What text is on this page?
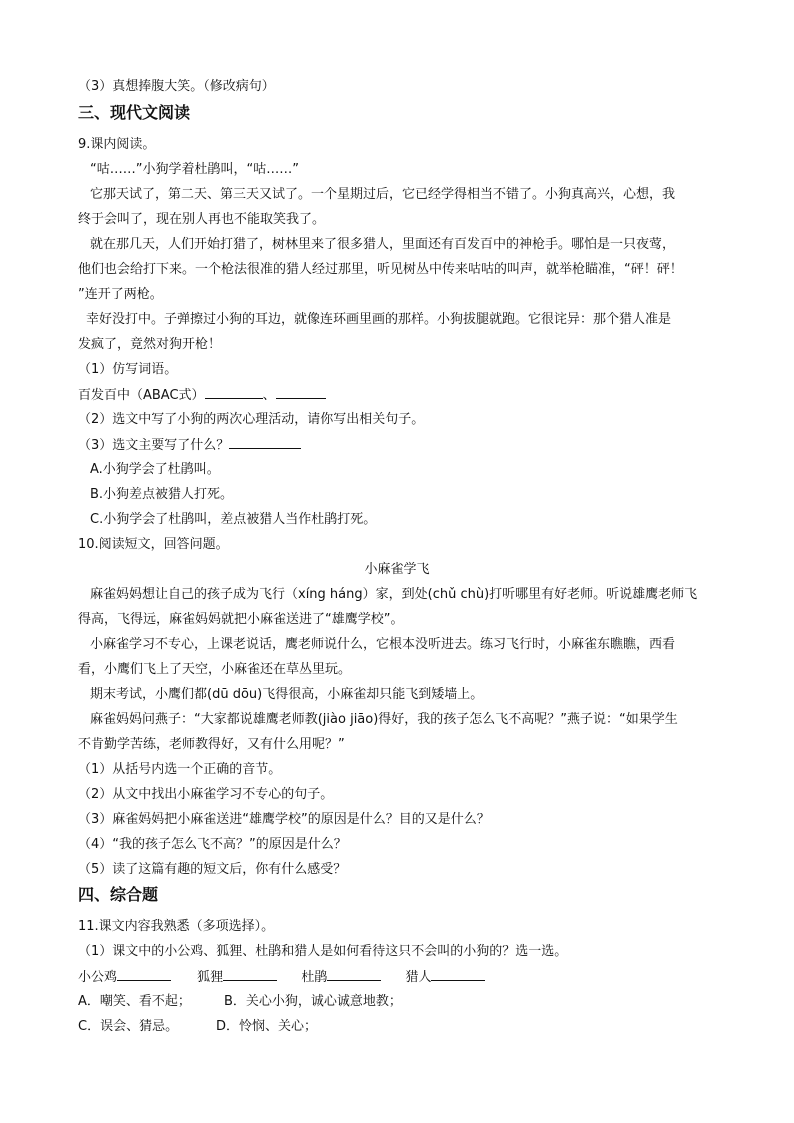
（3）真想捧腹大笑。（修改病句）
三、现代文阅读
9.课内阅读。
“咕……”小狗学着杜鹃叫，“咕……”
它那天试了，第二天、第三天又试了。一个星期过后，它已经学得相当不错了。小狗真高兴，心想，我
终于会叫了，现在别人再也不能取笑我了。
就在那几天，人们开始打猎了，树林里来了很多猎人，里面还有百发百中的神枪手。哪怕是一只夜莺，
他们也会给打下来。一个枪法很准的猎人经过那里，听见树丛中传来咕咕的叫声，就举枪瞄准，“砰！砰！
”连开了两枪。
幸好没打中。子弹擦过小狗的耳边，就像连环画里画的那样。小狗拔腿就跑。它很诧异：那个猎人准是
发疯了，竟然对狗开枪！
（1）仿写词语。
百发百中（ABAC式）	、
（2）选文中写了小狗的两次心理活动，请你写出相关句子。
（3）选文主要写了什么？
A.小狗学会了杜鹃叫。
B.小狗差点被猎人打死。
C.小狗学会了杜鹃叫，差点被猎人当作杜鹃打死。
10.阅读短文，回答问题。
小麻雀学飞
麻雀妈妈想让自己的孩子成为飞行（xíng háng）家，到处(chǔ chù)打听哪里有好老师。听说雄鹰老师飞
得高，飞得远，麻雀妈妈就把小麻雀送进了“雄鹰学校”。
小麻雀学习不专心，上课老说话，鹰老师说什么，它根本没听进去。练习飞行时，小麻雀东瞧瞧，西看
看，小鹰们飞上了天空，小麻雀还在草丛里玩。
期末考试，小鹰们都(dū dōu)飞得很高，小麻雀却只能飞到矮墙上。
麻雀妈妈问燕子：“大家都说雄鹰老师教(jiào jiāo)得好，我的孩子怎么飞不高呢？”燕子说：“如果学生
不肯勤学苦练，老师教得好，又有什么用呢？”
（1）从括号内选一个正确的音节。
（2）从文中找出小麻雀学习不专心的句子。
（3）麻雀妈妈把小麻雀送进“雄鹰学校”的原因是什么？目的又是什么？
（4）“我的孩子怎么飞不高？”的原因是什么？
（5）读了这篇有趣的短文后，你有什么感受？
四、综合题
11.课文内容我熟悉（多项选择）。
（1）课文中的小公鸡、狐狸、杜鹃和猎人是如何看待这只不会叫的小狗的？选一选。
小公鸡	狐狸	杜鹃	猎人
A．嘲笑、看不起；	B．关心小狗，诚心诚意地教；
C．误会、猜忌。	D．怜悯、关心；
